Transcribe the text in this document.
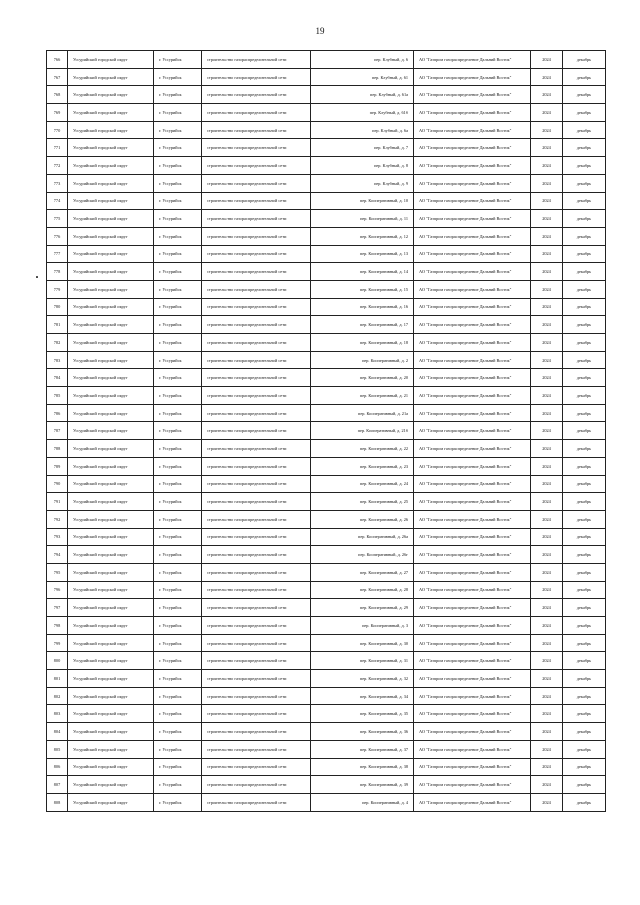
19
766	Уссурийский городской округ	г. Уссурийск	строительство газораспределительной сети	пер. Клубный, д. 6	АО "Газпром газораспределение Дальний Восток"	2024	декабрь
767	Уссурийский городской округ	г. Уссурийск	строительство газораспределительной сети	пер. Клубный, д. 61	АО "Газпром газораспределение Дальний Восток"	2024	декабрь
768	Уссурийский городской округ	г. Уссурийск	строительство газораспределительной сети	пер. Клубный, д. 61а	АО "Газпром газораспределение Дальний Восток"	2024	декабрь
769	Уссурийский городской округ	г. Уссурийск	строительство газораспределительной сети	пер. Клубный, д. 61б	АО "Газпром газораспределение Дальний Восток"	2024	декабрь
770	Уссурийский городской округ	г. Уссурийск	строительство газораспределительной сети	пер. Клубный, д. 6а	АО "Газпром газораспределение Дальний Восток"	2024	декабрь
771	Уссурийский городской округ	г. Уссурийск	строительство газораспределительной сети	пер. Клубный, д. 7	АО "Газпром газораспределение Дальний Восток"	2024	декабрь
772	Уссурийский городской округ	г. Уссурийск	строительство газораспределительной сети	пер. Клубный, д. 8	АО "Газпром газораспределение Дальний Восток"	2024	декабрь
773	Уссурийский городской округ	г. Уссурийск	строительство газораспределительной сети	пер. Клубный, д. 9	АО "Газпром газораспределение Дальний Восток"	2024	декабрь
774	Уссурийский городской округ	г. Уссурийск	строительство газораспределительной сети	пер. Кооперативный, д. 10	АО "Газпром газораспределение Дальний Восток"	2024	декабрь
775	Уссурийский городской округ	г. Уссурийск	строительство газораспределительной сети	пер. Кооперативный, д. 11	АО "Газпром газораспределение Дальний Восток"	2024	декабрь
776	Уссурийский городской округ	г. Уссурийск	строительство газораспределительной сети	пер. Кооперативный, д. 12	АО "Газпром газораспределение Дальний Восток"	2024	декабрь
777	Уссурийский городской округ	г. Уссурийск	строительство газораспределительной сети	пер. Кооперативный, д. 13	АО "Газпром газораспределение Дальний Восток"	2024	декабрь
778	Уссурийский городской округ	г. Уссурийск	строительство газораспределительной сети	пер. Кооперативный, д. 14	АО "Газпром газораспределение Дальний Восток"	2024	декабрь
779	Уссурийский городской округ	г. Уссурийск	строительство газораспределительной сети	пер. Кооперативный, д. 15	АО "Газпром газораспределение Дальний Восток"	2024	декабрь
780	Уссурийский городской округ	г. Уссурийск	строительство газораспределительной сети	пер. Кооперативный, д. 16	АО "Газпром газораспределение Дальний Восток"	2024	декабрь
781	Уссурийский городской округ	г. Уссурийск	строительство газораспределительной сети	пер. Кооперативный, д. 17	АО "Газпром газораспределение Дальний Восток"	2024	декабрь
782	Уссурийский городской округ	г. Уссурийск	строительство газораспределительной сети	пер. Кооперативный, д. 18	АО "Газпром газораспределение Дальний Восток"	2024	декабрь
783	Уссурийский городской округ	г. Уссурийск	строительство газораспределительной сети	пер. Кооперативный, д. 2	АО "Газпром газораспределение Дальний Восток"	2024	декабрь
784	Уссурийский городской округ	г. Уссурийск	строительство газораспределительной сети	пер. Кооперативный, д. 20	АО "Газпром газораспределение Дальний Восток"	2024	декабрь
785	Уссурийский городской округ	г. Уссурийск	строительство газораспределительной сети	пер. Кооперативный, д. 21	АО "Газпром газораспределение Дальний Восток"	2024	декабрь
786	Уссурийский городской округ	г. Уссурийск	строительство газораспределительной сети	пер. Кооперативный, д. 21а	АО "Газпром газораспределение Дальний Восток"	2024	декабрь
787	Уссурийский городской округ	г. Уссурийск	строительство газораспределительной сети	пер. Кооперативный, д. 21б	АО "Газпром газораспределение Дальний Восток"	2024	декабрь
788	Уссурийский городской округ	г. Уссурийск	строительство газораспределительной сети	пер. Кооперативный, д. 22	АО "Газпром газораспределение Дальний Восток"	2024	декабрь
789	Уссурийский городской округ	г. Уссурийск	строительство газораспределительной сети	пер. Кооперативный, д. 23	АО "Газпром газораспределение Дальний Восток"	2024	декабрь
790	Уссурийский городской округ	г. Уссурийск	строительство газораспределительной сети	пер. Кооперативный, д. 24	АО "Газпром газораспределение Дальний Восток"	2024	декабрь
791	Уссурийский городской округ	г. Уссурийск	строительство газораспределительной сети	пер. Кооперативный, д. 25	АО "Газпром газораспределение Дальний Восток"	2024	декабрь
792	Уссурийский городской округ	г. Уссурийск	строительство газораспределительной сети	пер. Кооперативный, д. 26	АО "Газпром газораспределение Дальний Восток"	2024	декабрь
793	Уссурийский городской округ	г. Уссурийск	строительство газораспределительной сети	пер. Кооперативный, д. 26а	АО "Газпром газораспределение Дальний Восток"	2024	декабрь
794	Уссурийский городской округ	г. Уссурийск	строительство газораспределительной сети	пер. Кооперативный, д. 26г	АО "Газпром газораспределение Дальний Восток"	2024	декабрь
795	Уссурийский городской округ	г. Уссурийск	строительство газораспределительной сети	пер. Кооперативный, д. 27	АО "Газпром газораспределение Дальний Восток"	2024	декабрь
796	Уссурийский городской округ	г. Уссурийск	строительство газораспределительной сети	пер. Кооперативный, д. 28	АО "Газпром газораспределение Дальний Восток"	2024	декабрь
797	Уссурийский городской округ	г. Уссурийск	строительство газораспределительной сети	пер. Кооперативный, д. 29	АО "Газпром газораспределение Дальний Восток"	2024	декабрь
798	Уссурийский городской округ	г. Уссурийск	строительство газораспределительной сети	пер. Кооперативный, д. 3	АО "Газпром газораспределение Дальний Восток"	2024	декабрь
799	Уссурийский городской округ	г. Уссурийск	строительство газораспределительной сети	пер. Кооперативный, д. 30	АО "Газпром газораспределение Дальний Восток"	2024	декабрь
800	Уссурийский городской округ	г. Уссурийск	строительство газораспределительной сети	пер. Кооперативный, д. 31	АО "Газпром газораспределение Дальний Восток"	2024	декабрь
801	Уссурийский городской округ	г. Уссурийск	строительство газораспределительной сети	пер. Кооперативный, д. 32	АО "Газпром газораспределение Дальний Восток"	2024	декабрь
802	Уссурийский городской округ	г. Уссурийск	строительство газораспределительной сети	пер. Кооперативный, д. 34	АО "Газпром газораспределение Дальний Восток"	2024	декабрь
803	Уссурийский городской округ	г. Уссурийск	строительство газораспределительной сети	пер. Кооперативный, д. 35	АО "Газпром газораспределение Дальний Восток"	2024	декабрь
804	Уссурийский городской округ	г. Уссурийск	строительство газораспределительной сети	пер. Кооперативный, д. 36	АО "Газпром газораспределение Дальний Восток"	2024	декабрь
805	Уссурийский городской округ	г. Уссурийск	строительство газораспределительной сети	пер. Кооперативный, д. 37	АО "Газпром газораспределение Дальний Восток"	2024	декабрь
806	Уссурийский городской округ	г. Уссурийск	строительство газораспределительной сети	пер. Кооперативный, д. 38	АО "Газпром газораспределение Дальний Восток"	2024	декабрь
807	Уссурийский городской округ	г. Уссурийск	строительство газораспределительной сети	пер. Кооперативный, д. 39	АО "Газпром газораспределение Дальний Восток"	2024	декабрь
808	Уссурийский городской округ	г. Уссурийск	строительство газораспределительной сети	пер. Кооперативный, д. 4	АО "Газпром газораспределение Дальний Восток"	2024	декабрь
